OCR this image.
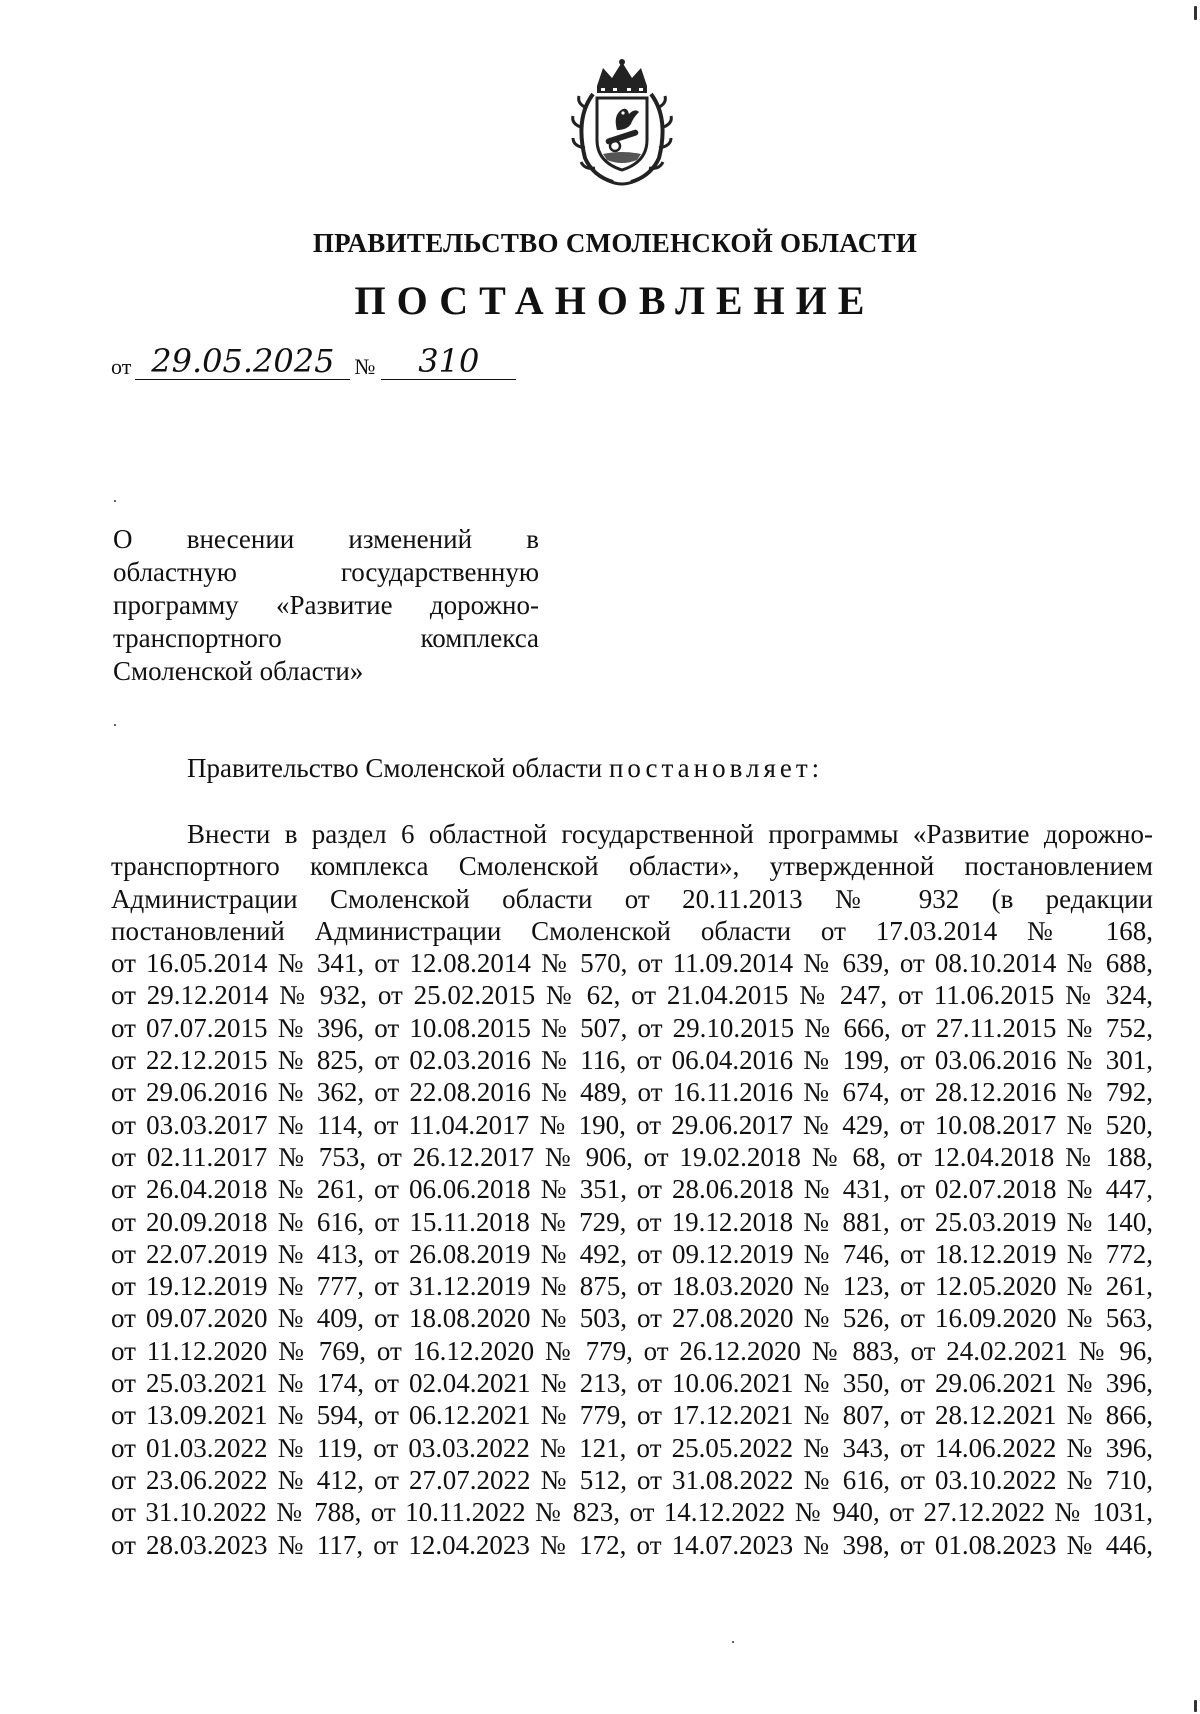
ПРАВИТЕЛЬСТВО СМОЛЕНСКОЙ ОБЛАСТИ
ПОСТАНОВЛЕНИЕ
от 29.05.2025 №	310
О внесении изменений в
областную государственную
программу «Развитие дорожно-
транспортного комплекса
Смоленской области»
Правительство Смоленской области постановляет:
Внести в раздел 6 областной государственной программы «Развитие дорожно-
транспортного комплекса Смоленской области», утвержденной постановлением
Администрации Смоленской области от 20.11.2013 № 932 (в редакции
постановлений Администрации Смоленской области от 17.03.2014 № 168,
от 16.05.2014 № 341, от 12.08.2014 № 570, от 11.09.2014 № 639, от 08.10.2014 № 688,
от 29.12.2014 № 932, от 25.02.2015 № 62, от 21.04.2015 № 247, от 11.06.2015 № 324,
от 07.07.2015 № 396, от 10.08.2015 № 507, от 29.10.2015 № 666, от 27.11.2015 № 752,
от 22.12.2015 № 825, от 02.03.2016 № 116, от 06.04.2016 № 199, от 03.06.2016 № 301,
от 29.06.2016 № 362, от 22.08.2016 № 489, от 16.11.2016 № 674, от 28.12.2016 № 792,
от 03.03.2017 № 114, от 11.04.2017 № 190, от 29.06.2017 № 429, от 10.08.2017 № 520,
от 02.11.2017 № 753, от 26.12.2017 № 906, от 19.02.2018 № 68, от 12.04.2018 № 188,
от 26.04.2018 № 261, от 06.06.2018 № 351, от 28.06.2018 № 431, от 02.07.2018 № 447,
от 20.09.2018 № 616, от 15.11.2018 № 729, от 19.12.2018 № 881, от 25.03.2019 № 140,
от 22.07.2019 № 413, от 26.08.2019 № 492, от 09.12.2019 № 746, от 18.12.2019 № 772,
от 19.12.2019 № 777, от 31.12.2019 № 875, от 18.03.2020 № 123, от 12.05.2020 № 261,
от 09.07.2020 № 409, от 18.08.2020 № 503, от 27.08.2020 № 526, от 16.09.2020 № 563,
от 11.12.2020 № 769, от 16.12.2020 № 779, от 26.12.2020 № 883, от 24.02.2021 № 96,
от 25.03.2021 № 174, от 02.04.2021 № 213, от 10.06.2021 № 350, от 29.06.2021 № 396,
от 13.09.2021 № 594, от 06.12.2021 № 779, от 17.12.2021 № 807, от 28.12.2021 № 866,
от 01.03.2022 № 119, от 03.03.2022 № 121, от 25.05.2022 № 343, от 14.06.2022 № 396,
от 23.06.2022 № 412, от 27.07.2022 № 512, от 31.08.2022 № 616, от 03.10.2022 № 710,
от 31.10.2022 № 788, от 10.11.2022 № 823, от 14.12.2022 № 940, от 27.12.2022 № 1031,
от 28.03.2023 № 117, от 12.04.2023 № 172, от 14.07.2023 № 398, от 01.08.2023 № 446,
